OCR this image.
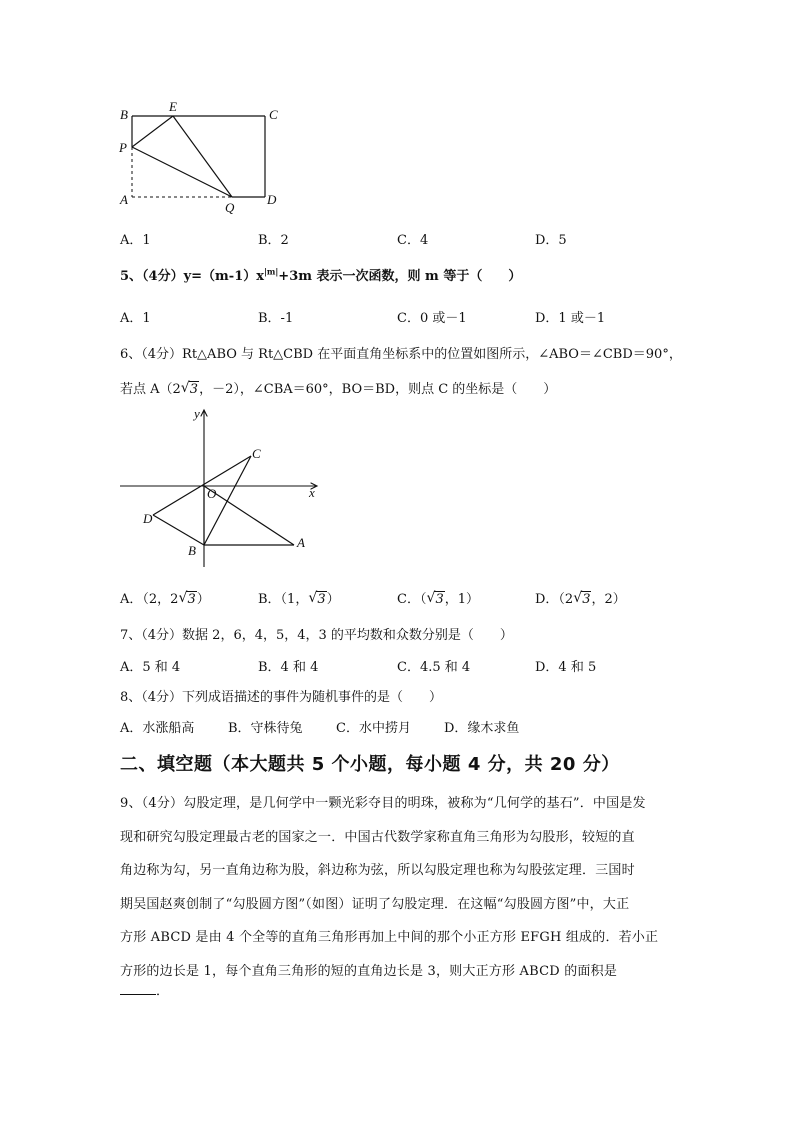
B
E
C
P
A
Q
D
A．1	B．2	C．4	D．5
5、（4分）$y=(m-1)x^{|m|}+3m$ 表示一次函数，则 m 等于（　　）
A．1	B．-1	C．0 或－1	D．1 或－1
6、（4分）Rt△ABO 与 Rt△CBD 在平面直角坐标系中的位置如图所示，∠ABO＝∠CBD＝90°，
若点 A（2 √ 3，－2），∠CBA＝60°，BO＝BD，则点 C 的坐标是（　　）
y
x
O
C
D
B
A
A．（2，2 √ 3）	B．（1， √ 3）	C．（ √ 3，1）	D．（2 √ 3，2）
7、（4分）数据 2，6，4，5，4，3 的平均数和众数分别是（　　）
A．5 和 4	B．4 和 4	C．4.5 和 4	D．4 和 5
8、（4分）下列成语描述的事件为随机事件的是（　　）
A．水涨船高	B．守株待兔	C．水中捞月	D．缘木求鱼
二、填空题（本大题共 5 个小题，每小题 4 分，共 20 分）
9、（4分）勾股定理，是几何学中一颗光彩夺目的明珠，被称为“几何学的基石”．中国是发
现和研究勾股定理最古老的国家之一．中国古代数学家称直角三角形为勾股形，较短的直
角边称为勾，另一直角边称为股，斜边称为弦，所以勾股定理也称为勾股弦定理．三国时
期吴国赵爽创制了“勾股圆方图”（如图）证明了勾股定理．在这幅“勾股圆方图”中，大正
方形 ABCD 是由 4 个全等的直角三角形再加上中间的那个小正方形 EFGH 组成的．若小正
方形的边长是 1，每个直角三角形的短的直角边长是 3，则大正方形 ABCD 的面积是
．
